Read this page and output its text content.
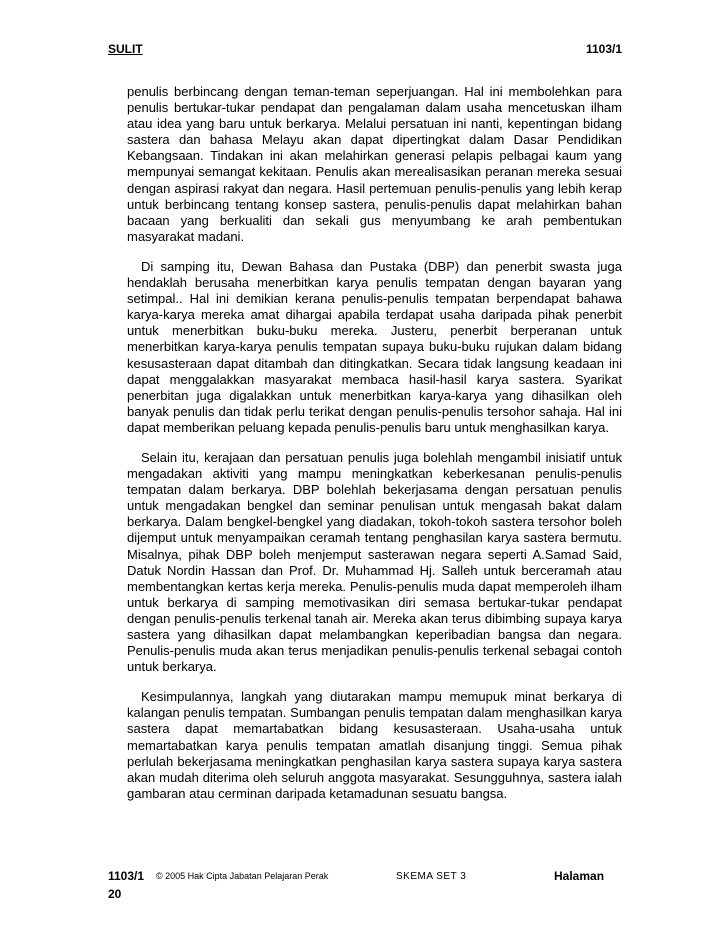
SULIT	1103/1

penulis berbincang dengan teman-teman seperjuangan. Hal ini membolehkan para penulis bertukar-tukar pendapat dan pengalaman dalam usaha mencetuskan ilham atau idea yang baru untuk berkarya. Melalui persatuan ini nanti, kepentingan bidang sastera dan bahasa Melayu akan dapat dipertingkat dalam Dasar Pendidikan Kebangsaan. Tindakan ini akan melahirkan generasi pelapis pelbagai kaum yang mempunyai semangat kekitaan. Penulis akan merealisasikan peranan mereka sesuai dengan aspirasi rakyat dan negara. Hasil pertemuan penulis-penulis yang lebih kerap untuk berbincang tentang konsep sastera, penulis-penulis dapat melahirkan bahan bacaan yang berkualiti dan sekali gus menyumbang ke arah pembentukan masyarakat madani.

Di samping itu, Dewan Bahasa dan Pustaka (DBP) dan penerbit swasta juga hendaklah berusaha menerbitkan karya penulis tempatan dengan bayaran yang setimpal.. Hal ini demikian kerana penulis-penulis tempatan berpendapat bahawa karya-karya mereka amat dihargai apabila terdapat usaha daripada pihak penerbit untuk menerbitkan buku-buku mereka. Justeru, penerbit berperanan untuk menerbitkan karya-karya penulis tempatan supaya buku-buku rujukan dalam bidang kesusasteraan dapat ditambah dan ditingkatkan. Secara tidak langsung keadaan ini dapat menggalakkan masyarakat membaca hasil-hasil karya sastera. Syarikat penerbitan juga digalakkan untuk menerbitkan karya-karya yang dihasilkan oleh banyak penulis dan tidak perlu terikat dengan penulis-penulis tersohor sahaja. Hal ini dapat memberikan peluang kepada penulis-penulis baru untuk menghasilkan karya.

Selain itu, kerajaan dan persatuan penulis juga bolehlah mengambil inisiatif untuk mengadakan aktiviti yang mampu meningkatkan keberkesanan penulis-penulis tempatan dalam berkarya. DBP bolehlah bekerjasama dengan persatuan penulis untuk mengadakan bengkel dan seminar penulisan untuk mengasah bakat dalam berkarya. Dalam bengkel-bengkel yang diadakan, tokoh-tokoh sastera tersohor boleh dijemput untuk menyampaikan ceramah tentang penghasilan karya sastera bermutu. Misalnya, pihak DBP boleh menjemput sasterawan negara seperti A.Samad Said, Datuk Nordin Hassan dan Prof. Dr. Muhammad Hj. Salleh untuk berceramah atau membentangkan kertas kerja mereka. Penulis-penulis muda dapat memperoleh ilham untuk berkarya di samping memotivasikan diri semasa bertukar-tukar pendapat dengan penulis-penulis terkenal tanah air. Mereka akan terus dibimbing supaya karya sastera yang dihasilkan dapat melambangkan keperibadian bangsa dan negara. Penulis-penulis muda akan terus menjadikan penulis-penulis terkenal sebagai contoh untuk berkarya.

Kesimpulannya, langkah yang diutarakan mampu memupuk minat berkarya di kalangan penulis tempatan. Sumbangan penulis tempatan dalam menghasilkan karya sastera dapat memartabatkan bidang kesusasteraan. Usaha-usaha untuk memartabatkan karya penulis tempatan amatlah disanjung tinggi. Semua pihak perlulah bekerjasama meningkatkan penghasilan karya sastera supaya karya sastera akan mudah diterima oleh seluruh anggota masyarakat. Sesungguhnya, sastera ialah gambaran atau cerminan daripada ketamadunan sesuatu bangsa.

1103/1 © 2005 Hak Cipta Jabatan Pelajaran Perak	SKEMA SET 3	Halaman
20
